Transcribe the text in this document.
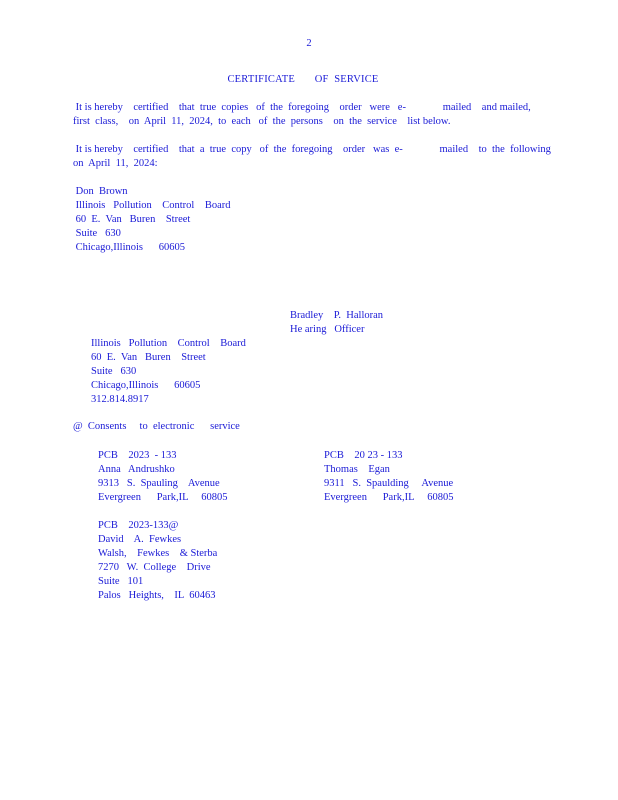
2
CERTIFICATE       OF  SERVICE
It is hereby    certified    that  true  copies   of  the  foregoing    order   were   e-              mailed    and mailed,
first  class,    on  April  11,  2024,  to  each   of  the  persons    on  the  service    list below.
It is hereby    certified    that  a  true  copy   of  the  foregoing    order   was  e-              mailed    to  the  following
on  April  11,  2024:
Don  Brown
Illinois   Pollution    Control    Board
60  E.  Van   Buren    Street
Suite   630
Chicago,Illinois      60605
Bradley    P.  Halloran
He aring   Officer
Illinois   Pollution    Control    Board
60  E.  Van   Buren    Street
Suite   630
Chicago,Illinois      60605
312.814.8917
@  Consents     to  electronic      service
PCB    2023  - 133
Anna   Andrushko
9313   S.  Spauling    Avenue
Evergreen      Park,IL     60805
PCB    20 23 - 133
Thomas    Egan
9311   S.  Spaulding     Avenue
Evergreen      Park,IL     60805
PCB    2023-133@
David    A.  Fewkes
Walsh,    Fewkes    & Sterba
7270   W.  College    Drive
Suite   101
Palos   Heights,    IL  60463
